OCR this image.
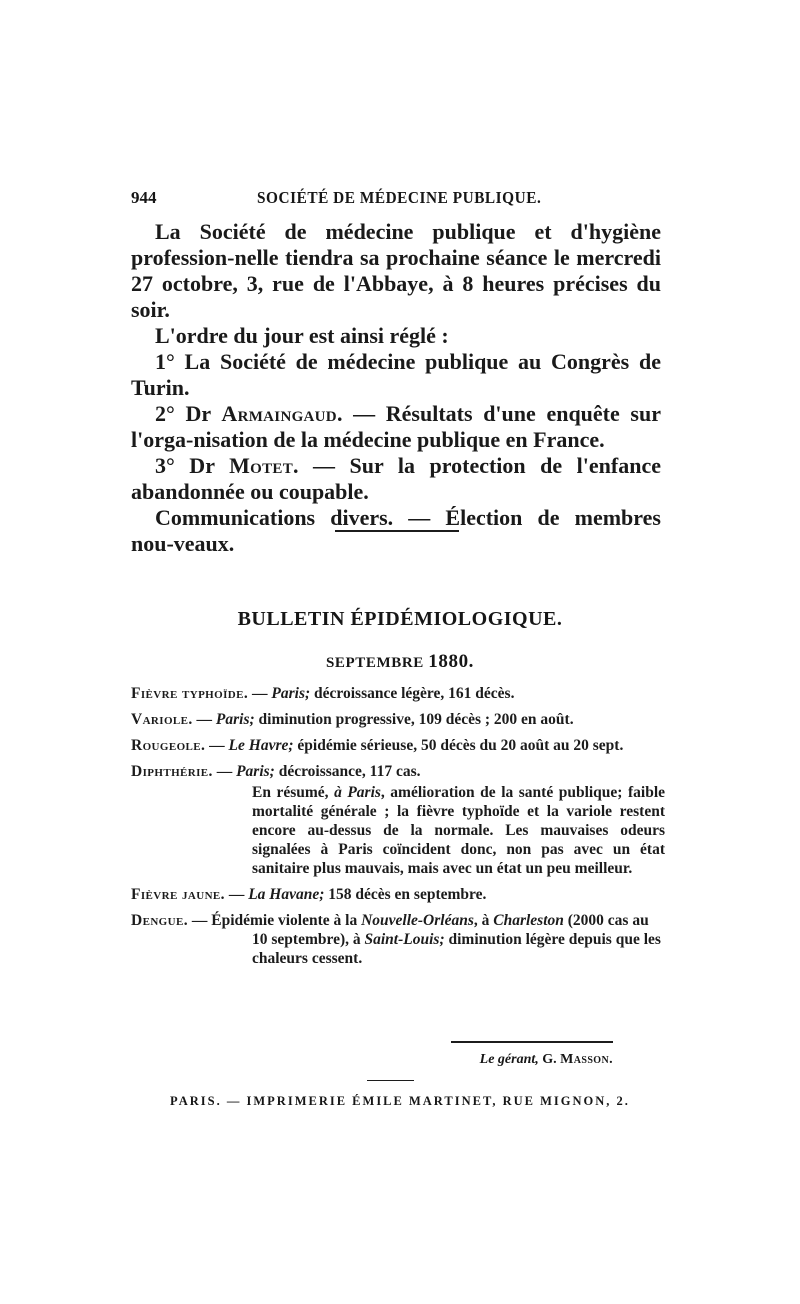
944	SOCIÉTÉ DE MÉDECINE PUBLIQUE.

La Société de médecine publique et d'hygiène profession-nelle tiendra sa prochaine séance le mercredi 27 octobre, 3, rue de l'Abbaye, à 8 heures précises du soir.

L'ordre du jour est ainsi réglé :

1° La Société de médecine publique au Congrès de Turin.

2° Dr Armaingaud. — Résultats d'une enquête sur l'orga-nisation de la médecine publique en France.

3° Dr Motet. — Sur la protection de l'enfance abandonnée ou coupable.

Communications divers. — Élection de membres nou-veaux.

BULLETIN ÉPIDÉMIOLOGIQUE.
SEPTEMBRE 1880.

Fièvre typhoïde. — Paris; décroissance légère, 161 décès.

Variole. — Paris; diminution progressive, 109 décès ; 200 en août.

Rougeole. — Le Havre; épidémie sérieuse, 50 décès du 20 août au 20 sept.

Diphthérie. — Paris; décroissance, 117 cas.

En résumé, à Paris, amélioration de la santé publique; faible mortalité générale ; la fièvre typhoïde et la variole restent encore au-dessus de la normale. Les mauvaises odeurs signalées à Paris coïncident donc, non pas avec un état sanitaire plus mauvais, mais avec un état un peu meilleur.

Fièvre jaune. — La Havane; 158 décès en septembre.

Dengue. — Épidémie violente à la Nouvelle-Orléans, à Charleston (2000 cas au 10 septembre), à Saint-Louis; diminution légère depuis que les chaleurs cessent.

Le gérant, G. Masson.
PARIS. — IMPRIMERIE ÉMILE MARTINET, RUE MIGNON, 2.
